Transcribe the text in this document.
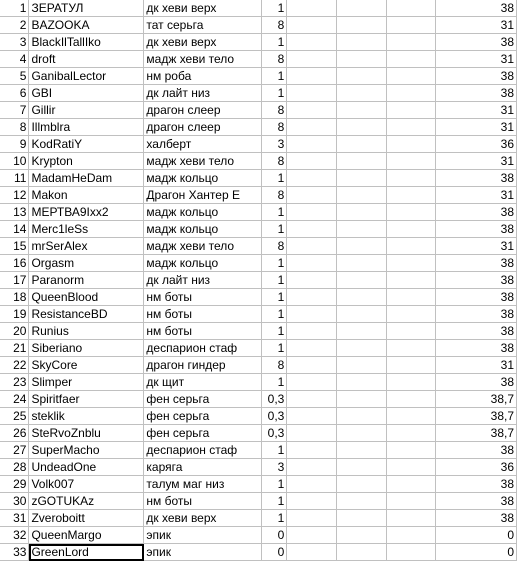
1	ЗЕРАТУЛ	дк хеви верх	1				38
2	BAZOOKA	тат серьга	8				31
3	BlackIlTallIko	дк хеви верх	1				38
4	droft	мадж хеви тело	8				31
5	GanibalLector	нм роба	1				38
6	GBI	дк лайт низ	1				38
7	Gillir	драгон слеер	8				31
8	Illmblra	драгон слеер	8				31
9	KodRatiY	халберт	3				36
10	Krypton	мадж хеви тело	8				31
11	MadamHeDam	мадж кольцо	1				38
12	Makon	Драгон Хантер Е	8				31
13	МЕРТВА9Ixx2	мадж кольцо	1				38
14	Merc1leSs	мадж кольцо	1				38
15	mrSerAlex	мадж хеви тело	8				31
16	Orgasm	мадж кольцо	1				38
17	Paranorm	дк лайт низ	1				38
18	QueenBlood	нм боты	1				38
19	ResistanceBD	нм боты	1				38
20	Runius	нм боты	1				38
21	Siberiano	деспарион стаф	1				38
22	SkyCore	драгон гиндер	8				31
23	Slimper	дк щит	1				38
24	Spiritfaer	фен серьга	0,3				38,7
25	steklik	фен серьга	0,3				38,7
26	SteRvoZnblu	фен серьга	0,3				38,7
27	SuperMacho	деспарион стаф	1				38
28	UndeadOne	каряга	3				36
29	Volk007	талум маг низ	1				38
30	zGOTUKAz	нм боты	1				38
31	Zveroboitt	дк хеви верх	1				38
32	QueenMargo	эпик	0				0
33	GreenLord	эпик	0				0
